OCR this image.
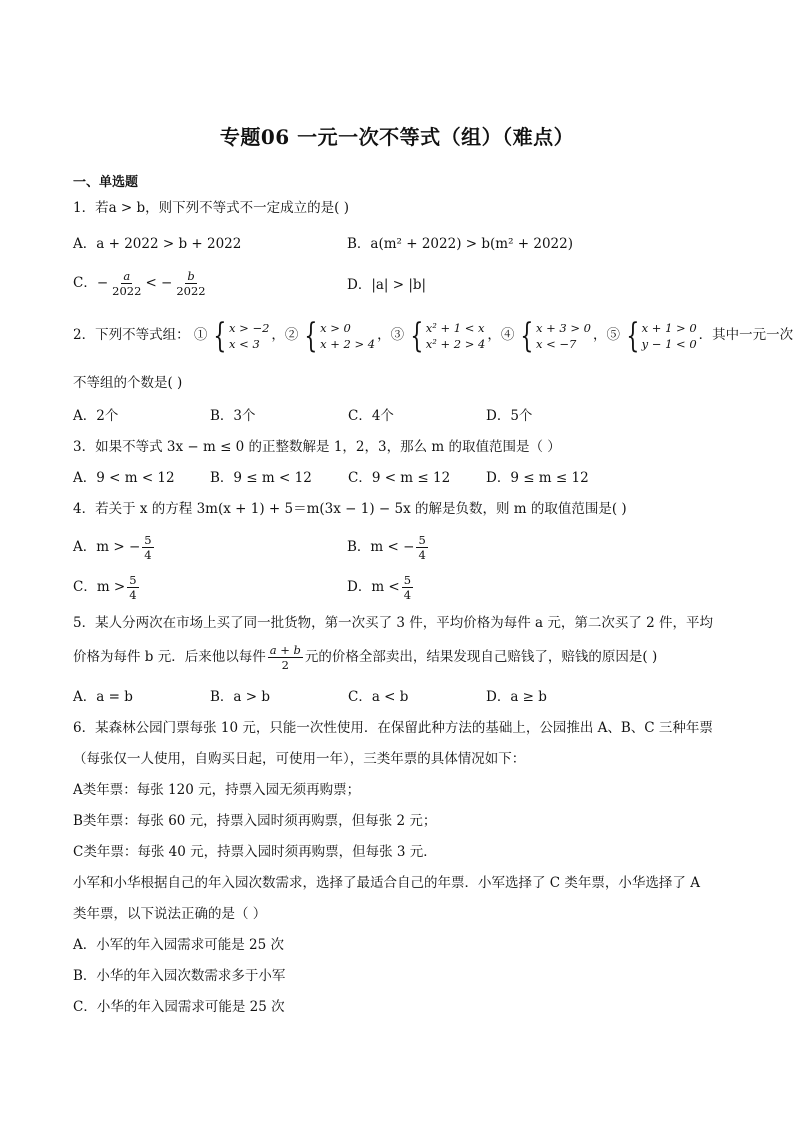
专题06 一元一次不等式（组）（难点）
一、单选题
1．若a > b，则下列不等式不一定成立的是( )
A．a + 2022 > b + 2022	B．a(m² + 2022) > b(m² + 2022)
C．− $\frac{a}{2022}$ < − $\frac{b}{2022}$	D．|a| > |b|
2．下列不等式组： ① { x > −2
x < 3
，② { x > 0
x + 2 > 4
，③ { x² + 1 < x
x² + 2 > 4
，④ { x + 3 > 0
x < −7
，⑤ { x + 1 > 0
y − 1 < 0
．其中一元一次
不等组的个数是( )
A．2个	B．3个	C．4个	D．5个
3．如果不等式 3x − m ≤ 0 的正整数解是 1，2，3，那么 m 的取值范围是（ ）
A．9 < m < 12	B．9 ≤ m < 12	C．9 < m ≤ 12	D．9 ≤ m ≤ 12
4．若关于 x 的方程 3m(x + 1) + 5＝m(3x − 1) − 5x 的解是负数，则 m 的取值范围是( )
A．m > − $\frac{5}{4}$	B．m < − $\frac{5}{4}$
C．$m > \frac{5}{4}$	D．$m < \frac{5}{4}$
5．某人分两次在市场上买了同一批货物，第一次买了 3 件，平均价格为每件 a 元，第二次买了 2 件，平均
价格为每件 b 元．后来他以每件 $\frac{a + b}{2}$ 元的价格全部卖出，结果发现自己赔钱了，赔钱的原因是( )
A．a = b	B．a > b	C．a < b	D．a ≥ b
6．某森林公园门票每张 10 元，只能一次性使用．在保留此种方法的基础上，公园推出 A、B、C 三种年票
（每张仅一人使用，自购买日起，可使用一年），三类年票的具体情况如下：
A类年票：每张 120 元，持票入园无须再购票；
B类年票：每张 60 元，持票入园时须再购票，但每张 2 元；
C类年票：每张 40 元，持票入园时须再购票，但每张 3 元．
小军和小华根据自己的年入园次数需求，选择了最适合自己的年票．小军选择了 C 类年票，小华选择了 A
类年票，以下说法正确的是（ ）
A．小军的年入园需求可能是 25 次
B．小华的年入园次数需求多于小军
C．小华的年入园需求可能是 25 次
